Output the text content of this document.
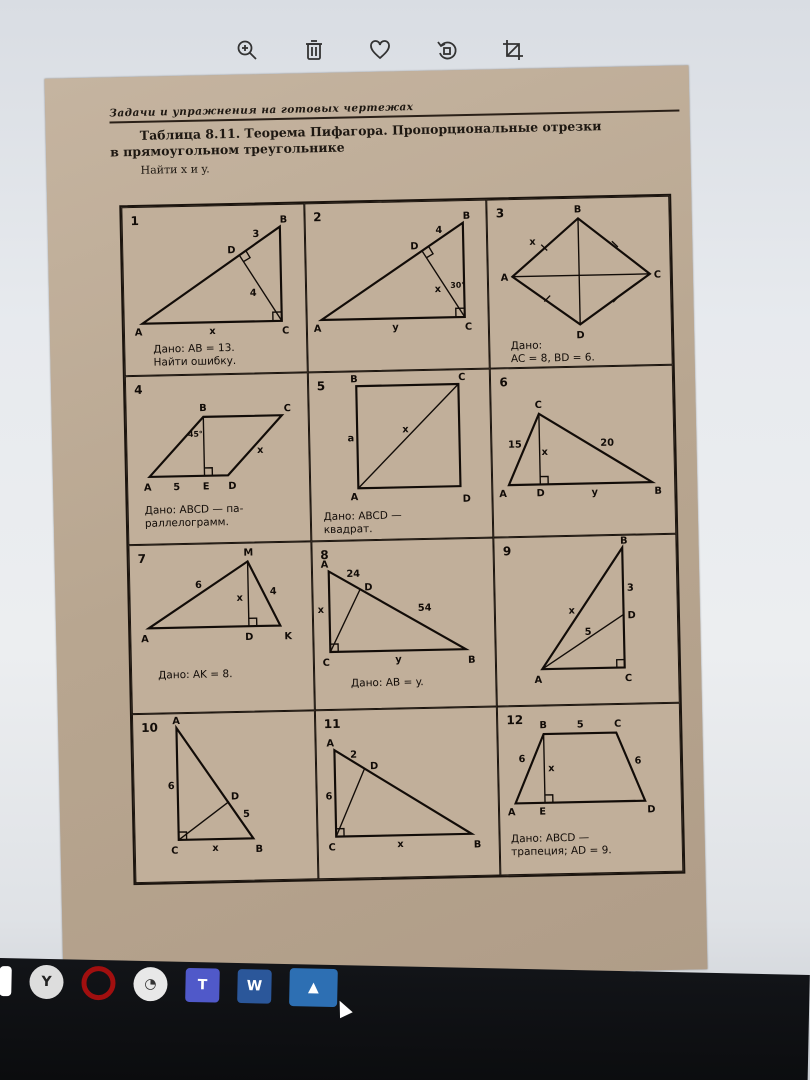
Задачи и упражнения на готовых чертежах
Таблица 8.11. Теорема Пифагора. Пропорциональные отрезки
в прямоугольном треугольнике
Найти x и y.
1
A
B
C
D
3
4
x
Дано: AB = 13.
Найти ошибку.
2
A
B
C
D
4
x 30°
y
3
A
B
C
D
x
Дано:
AC = 8, BD = 6.
4
A
B	C
D
E
5
x
45°
Дано: ABCD — па-
раллелограмм.
5 B	C
A	D
a
x
Дано: ABCD —
квадрат.
6
A
C
B
D
15	20
x
y
7
A
M
D	K
6
4
x
Дано: AK = 8.
8
A
B
C
D
24
54
x
y
Дано: AB = y.
9
A
B
C
D
3
5
x
10 A
C	B
D
6
5
x
11
A
C	B
D
2
6
x
12
A
B	C
D
E
5
6	6
x
Дано: ABCD —
трапеция; AD = 9.
Y	◔	T	W	▲
